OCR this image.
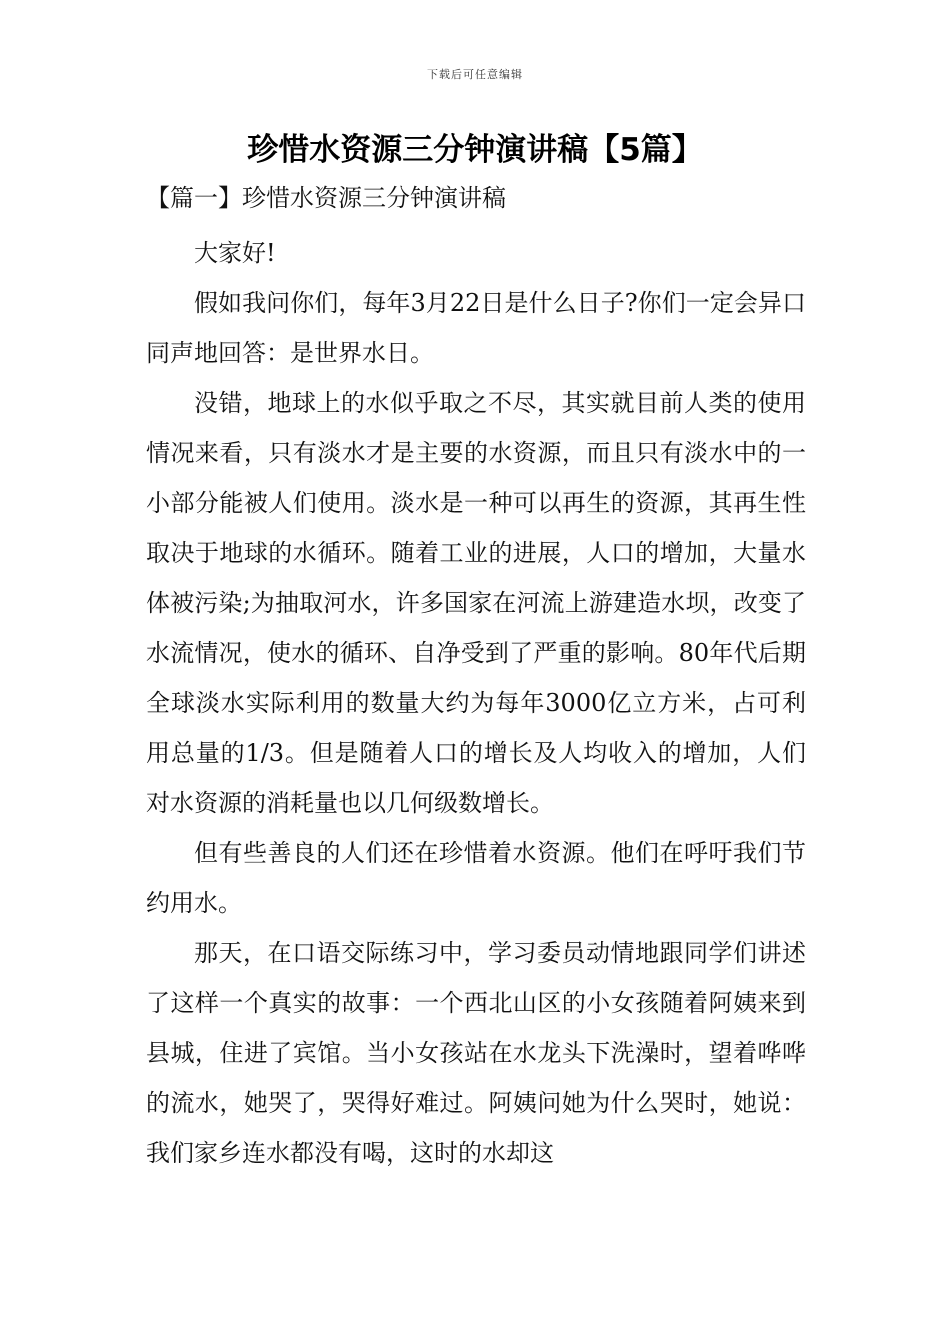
下载后可任意编辑
珍惜水资源三分钟演讲稿【5篇】
【篇一】珍惜水资源三分钟演讲稿

大家好!

假如我问你们，每年3月22日是什么日子?你们一定会异口同声地回答：是世界水日。

没错，地球上的水似乎取之不尽，其实就目前人类的使用情况来看，只有淡水才是主要的水资源，而且只有淡水中的一小部分能被人们使用。淡水是一种可以再生的资源，其再生性取决于地球的水循环。随着工业的进展，人口的增加，大量水体被污染;为抽取河水，许多国家在河流上游建造水坝，改变了水流情况，使水的循环、自净受到了严重的影响。80年代后期全球淡水实际利用的数量大约为每年3000亿立方米，占可利用总量的1/3。但是随着人口的增长及人均收入的增加，人们对水资源的消耗量也以几何级数增长。

但有些善良的人们还在珍惜着水资源。他们在呼吁我们节约用水。

那天，在口语交际练习中，学习委员动情地跟同学们讲述了这样一个真实的故事：一个西北山区的小女孩随着阿姨来到县城，住进了宾馆。当小女孩站在水龙头下洗澡时，望着哗哗的流水，她哭了，哭得好难过。阿姨问她为什么哭时，她说：我们家乡连水都没有喝，这时的水却这
